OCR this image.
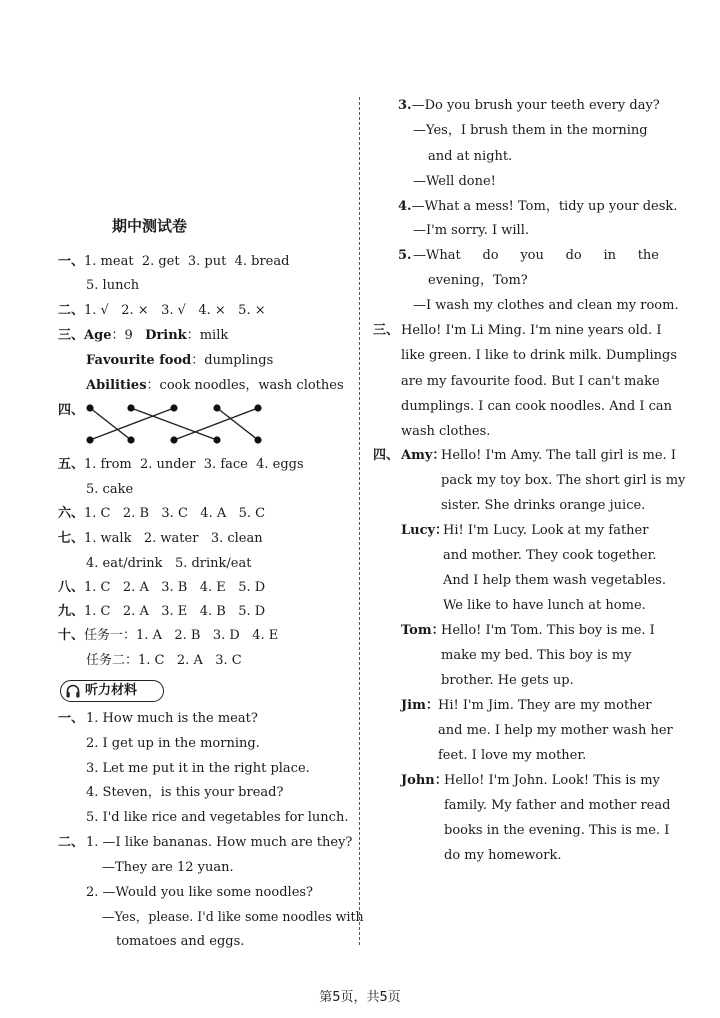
期中测试卷
一、1. meat 2. get 3. put 4. bread
5. lunch
二、1. √ 2. × 3. √ 4. × 5. ×
三、Age：9 Drink：milk
Favourite food：dumplings
Abilities：cook noodles，wash clothes
四、
五、1. from 2. under 3. face 4. eggs
5. cake
六、1. C 2. B 3. C 4. A 5. C
七、1. walk 2. water 3. clean
4. eat/drink 5. drink/eat
八、1. C 2. A 3. B 4. E 5. D
九、1. C 2. A 3. E 4. B 5. D
十、任务一：1. A 2. B 3. D 4. E
任务二：1. C 2. A 3. C
听力材料
一、 1. How much is the meat?
2. I get up in the morning.
3. Let me put it in the right place.
4. Steven，is this your bread?
5. I'd like rice and vegetables for lunch.
二、 1. —I like bananas. How much are they?
—They are 12 yuan.
2. —Would you like some noodles?
—Yes，please. I'd like some noodles with
tomatoes and eggs.
3.—Do you brush your teeth every day?
—Yes，I brush them in the morning
and at night.
—Well done!
4.—What a mess! Tom，tidy up your desk.
—I'm sorry. I will.
5. —What do you do in the
evening，Tom?
—I wash my clothes and clean my room.
三、 Hello! I'm Li Ming. I'm nine years old. I
like green. I like to drink milk. Dumplings
are my favourite food. But I can't make
dumplings. I can cook noodles. And I can
wash clothes.
四、 Amy：
Hello! I'm Amy. The tall girl is me. I
pack my toy box. The short girl is my
sister. She drinks orange juice.
Lucy：
Hi! I'm Lucy. Look at my father
and mother. They cook together.
And I help them wash vegetables.
We like to have lunch at home.
Tom：
Hello! I'm Tom. This boy is me. I
make my bed. This boy is my
brother. He gets up.
Jim： Hi! I'm Jim. They are my mother
and me. I help my mother wash her
feet. I love my mother.
John：
Hello! I'm John. Look! This is my
family. My father and mother read
books in the evening. This is me. I
do my homework.
第5页，共5页
